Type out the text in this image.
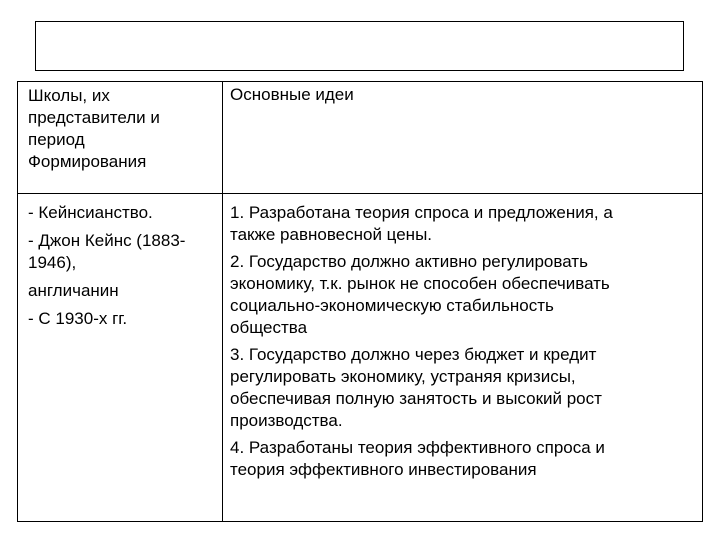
Школы, их
представители и
период
Формирования
Основные идеи
- Кейнсианство.
- Джон Кейнс (1883-
1946),
англичанин
- С 1930-х гг.
1. Разработана теория спроса и предложения, а
также равновесной цены.
2. Государство должно активно регулировать
экономику, т.к. рынок не способен обеспечивать
социально-экономическую стабильность
общества
3. Государство должно через бюджет и кредит
регулировать экономику, устраняя кризисы,
обеспечивая полную занятость и высокий рост
производства.
4. Разработаны теория эффективного спроса и
теория эффективного инвестирования
